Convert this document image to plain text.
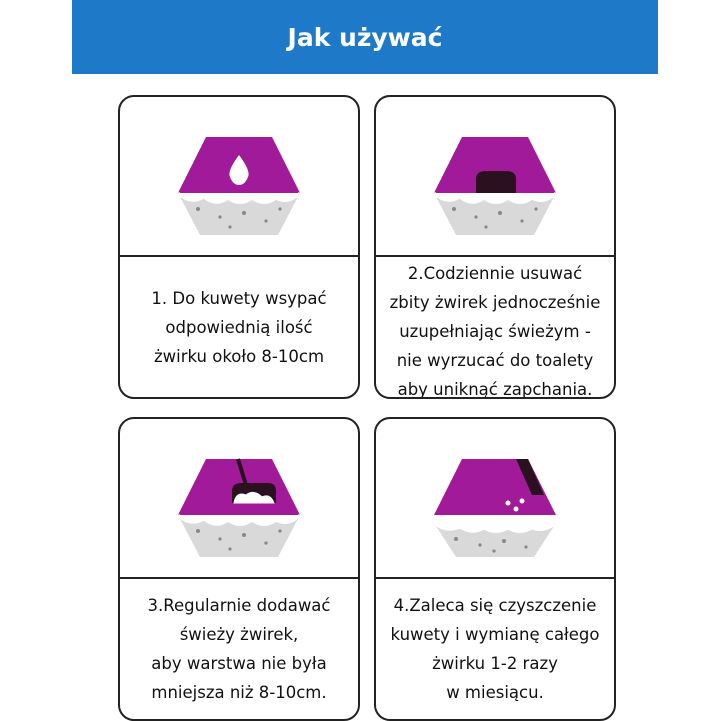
Jak używać
1. Do kuwety wsypać
odpowiednią ilość
żwirku około 8-10cm
2.Codziennie usuwać
zbity żwirek jednocześnie
uzupełniając świeżym -
nie wyrzucać do toalety
aby uniknąć zapchania.
3.Regularnie dodawać
świeży żwirek,
aby warstwa nie była
mniejsza niż 8-10cm.
4.Zaleca się czyszczenie
kuwety i wymianę całego
żwirku 1-2 razy
w miesiącu.
